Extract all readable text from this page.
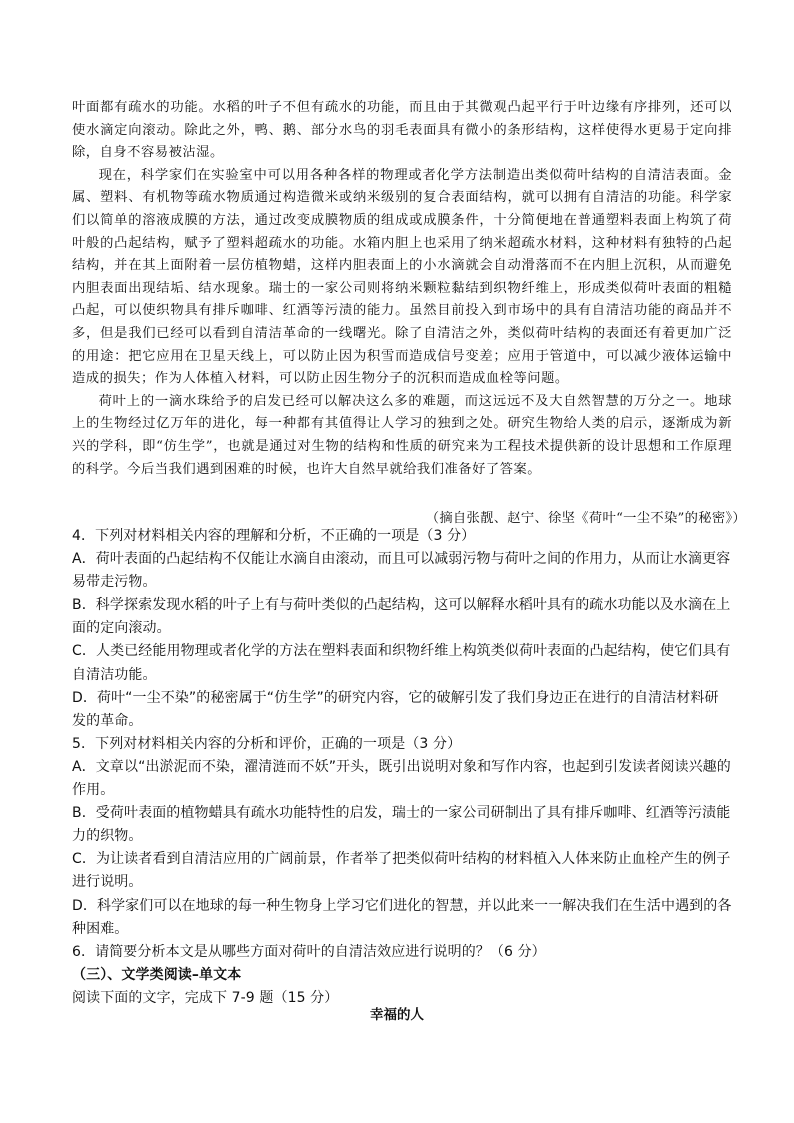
叶面都有疏水的功能。水稻的叶子不但有疏水的功能，而且由于其微观凸起平行于叶边缘有序排列，还可以使水滴定向滚动。除此之外，鸭、鹅、部分水鸟的羽毛表面具有微小的条形结构，这样使得水更易于定向排除，自身不容易被沾湿。

现在，科学家们在实验室中可以用各种各样的物理或者化学方法制造出类似荷叶结构的自清洁表面。金属、塑料、有机物等疏水物质通过构造微米或纳米级别的复合表面结构，就可以拥有自清洁的功能。科学家们以简单的溶液成膜的方法，通过改变成膜物质的组成或成膜条件，十分简便地在普通塑料表面上构筑了荷叶般的凸起结构，赋予了塑料超疏水的功能。水箱内胆上也采用了纳米超疏水材料，这种材料有独特的凸起结构，并在其上面附着一层仿植物蜡，这样内胆表面上的小水滴就会自动滑落而不在内胆上沉积，从而避免内胆表面出现结垢、结水现象。瑞士的一家公司则将纳米颗粒黏结到织物纤维上，形成类似荷叶表面的粗糙凸起，可以使织物具有排斥咖啡、红酒等污渍的能力。虽然目前投入到市场中的具有自清洁功能的商品并不多，但是我们已经可以看到自清洁革命的一线曙光。除了自清洁之外，类似荷叶结构的表面还有着更加广泛的用途：把它应用在卫星天线上，可以防止因为积雪而造成信号变差；应用于管道中，可以减少液体运输中造成的损失；作为人体植入材料，可以防止因生物分子的沉积而造成血栓等问题。

荷叶上的一滴水珠给予的启发已经可以解决这么多的难题，而这远远不及大自然智慧的万分之一。地球上的生物经过亿万年的进化，每一种都有其值得让人学习的独到之处。研究生物给人类的启示，逐渐成为新兴的学科，即“仿生学”，也就是通过对生物的结构和性质的研究来为工程技术提供新的设计思想和工作原理的科学。今后当我们遇到困难的时候，也许大自然早就给我们准备好了答案。

（摘自张靓、赵宁、徐坚《荷叶“一尘不染”的秘密》）
4．下列对材料相关内容的理解和分析，不正确的一项是（3 分）
A．荷叶表面的凸起结构不仅能让水滴自由滚动，而且可以减弱污物与荷叶之间的作用力，从而让水滴更容易带走污物。
B．科学探索发现水稻的叶子上有与荷叶类似的凸起结构，这可以解释水稻叶具有的疏水功能以及水滴在上面的定向滚动。
C．人类已经能用物理或者化学的方法在塑料表面和织物纤维上构筑类似荷叶表面的凸起结构，使它们具有自清洁功能。
D．荷叶“一尘不染”的秘密属于“仿生学”的研究内容，它的破解引发了我们身边正在进行的自清洁材料研发的革命。
5．下列对材料相关内容的分析和评价，正确的一项是（3 分）
A．文章以“出淤泥而不染，濯清涟而不妖”开头，既引出说明对象和写作内容，也起到引发读者阅读兴趣的作用。
B．受荷叶表面的植物蜡具有疏水功能特性的启发，瑞士的一家公司研制出了具有排斥咖啡、红酒等污渍能力的织物。
C．为让读者看到自清洁应用的广阔前景，作者举了把类似荷叶结构的材料植入人体来防止血栓产生的例子进行说明。
D．科学家们可以在地球的每一种生物身上学习它们进化的智慧，并以此来一一解决我们在生活中遇到的各种困难。
6．请简要分析本文是从哪些方面对荷叶的自清洁效应进行说明的？（6 分）
（三）、文学类阅读–单文本
阅读下面的文字，完成下 7-9 题（15 分）
幸福的人
